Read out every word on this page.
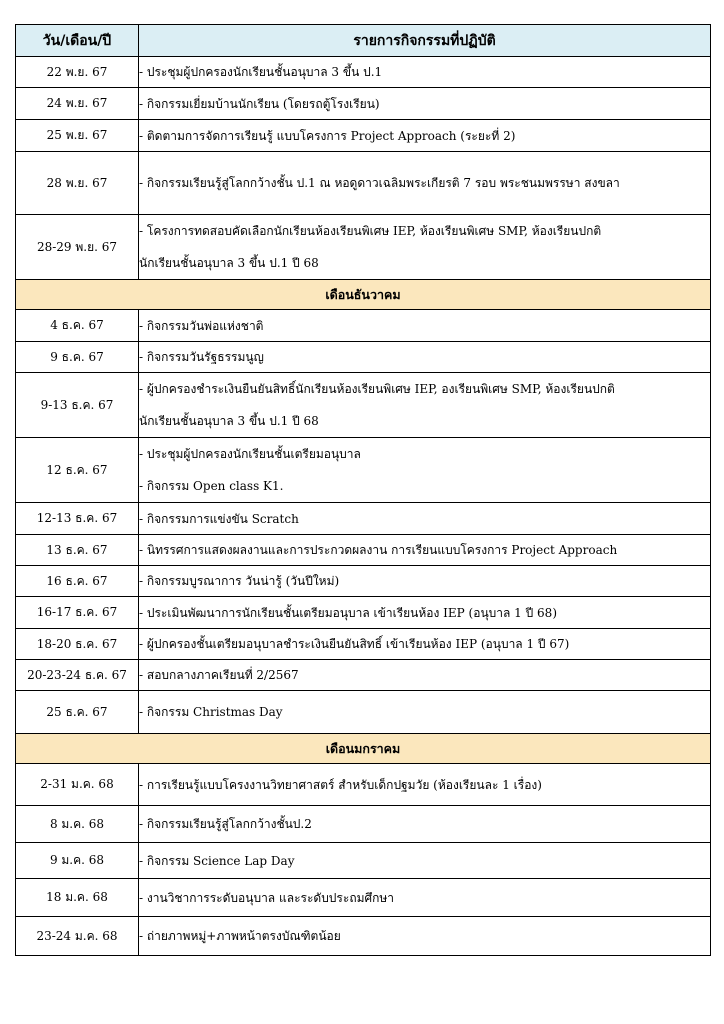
วัน/เดือน/ปี	รายการกิจกรรมที่ปฏิบัติ
22 พ.ย. 67	- ประชุมผู้ปกครองนักเรียนชั้นอนุบาล 3 ขึ้น ป.1

24 พ.ย. 67	- กิจกรรมเยี่ยมบ้านนักเรียน (โดยรถตู้โรงเรียน)

25 พ.ย. 67	- ติดตามการจัดการเรียนรู้ แบบโครงการ Project Approach (ระยะที่ 2)

28 พ.ย. 67	- กิจกรรมเรียนรู้สู่โลกกว้างชั้น ป.1 ณ หอดูดาวเฉลิมพระเกียรติ 7 รอบ พระชนมพรรษา สงขลา

28-29 พ.ย. 67	- โครงการทดสอบคัดเลือกนักเรียนห้องเรียนพิเศษ IEP, ห้องเรียนพิเศษ SMP, ห้องเรียนปกติ
นักเรียนชั้นอนุบาล 3 ขึ้น ป.1 ปี 68

เดือนธันวาคม	
4 ธ.ค. 67	- กิจกรรมวันพ่อแห่งชาติ

9 ธ.ค. 67	- กิจกรรมวันรัฐธรรมนูญ

9-13 ธ.ค. 67	- ผู้ปกครองชำระเงินยืนยันสิทธิ์นักเรียนห้องเรียนพิเศษ IEP, องเรียนพิเศษ SMP, ห้องเรียนปกติ
นักเรียนชั้นอนุบาล 3 ขึ้น ป.1 ปี 68

12 ธ.ค. 67	- ประชุมผู้ปกครองนักเรียนชั้นเตรียมอนุบาล
- กิจกรรม Open class K1.

12-13 ธ.ค. 67	- กิจกรรมการแข่งขัน Scratch

13 ธ.ค. 67	- นิทรรศการแสดงผลงานและการประกวดผลงาน การเรียนแบบโครงการ Project Approach

16 ธ.ค. 67	- กิจกรรมบูรณาการ วันน่ารู้ (วันปีใหม่)

16-17 ธ.ค. 67	- ประเมินพัฒนาการนักเรียนชั้นเตรียมอนุบาล เข้าเรียนห้อง IEP (อนุบาล 1 ปี 68)

18-20 ธ.ค. 67	- ผู้ปกครองชั้นเตรียมอนุบาลชำระเงินยืนยันสิทธิ์ เข้าเรียนห้อง IEP (อนุบาล 1 ปี 67)

20-23-24 ธ.ค. 67	- สอบกลางภาคเรียนที่ 2/2567

25 ธ.ค. 67	- กิจกรรม Christmas Day

เดือนมกราคม	
2-31 ม.ค. 68	- การเรียนรู้แบบโครงงานวิทยาศาสตร์ สำหรับเด็กปฐมวัย (ห้องเรียนละ 1 เรื่อง)

8 ม.ค. 68	- กิจกรรมเรียนรู้สู่โลกกว้างชั้นป.2

9 ม.ค. 68	- กิจกรรม Science Lap Day

18 ม.ค. 68	- งานวิชาการระดับอนุบาล และระดับประถมศึกษา

23-24 ม.ค. 68	- ถ่ายภาพหมู่+ภาพหน้าตรงบัณฑิตน้อย
